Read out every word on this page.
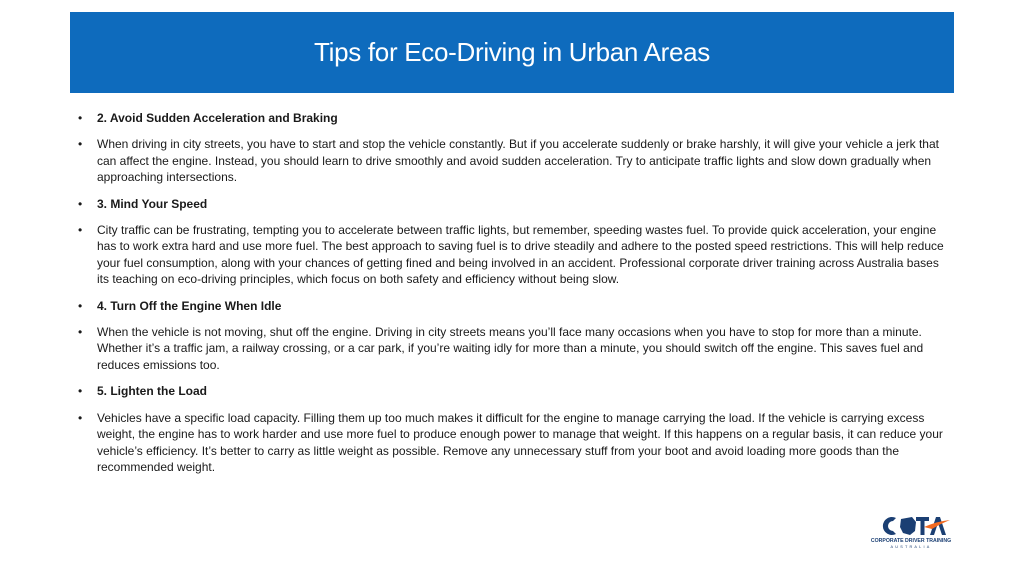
Tips for Eco-Driving in Urban Areas
• 2. Avoid Sudden Acceleration and Braking
• When driving in city streets, you have to start and stop the vehicle constantly. But if you accelerate suddenly or brake harshly, it will give your vehicle a jerk that can affect the engine. Instead, you should learn to drive smoothly and avoid sudden acceleration. Try to anticipate traffic lights and slow down gradually when approaching intersections.
• 3. Mind Your Speed
• City traffic can be frustrating, tempting you to accelerate between traffic lights, but remember, speeding wastes fuel. To provide quick acceleration, your engine has to work extra hard and use more fuel. The best approach to saving fuel is to drive steadily and adhere to the posted speed restrictions. This will help reduce your fuel consumption, along with your chances of getting fined and being involved in an accident. Professional corporate driver training across Australia bases its teaching on eco-driving principles, which focus on both safety and efficiency without being slow.
• 4. Turn Off the Engine When Idle
• When the vehicle is not moving, shut off the engine. Driving in city streets means you’ll face many occasions when you have to stop for more than a minute. Whether it’s a traffic jam, a railway crossing, or a car park, if you’re waiting idly for more than a minute, you should switch off the engine. This saves fuel and reduces emissions too.
• 5. Lighten the Load
• Vehicles have a specific load capacity. Filling them up too much makes it difficult for the engine to manage carrying the load. If the vehicle is carrying excess weight, the engine has to work harder and use more fuel to produce enough power to manage that weight. If this happens on a regular basis, it can reduce your vehicle’s efficiency. It’s better to carry as little weight as possible. Remove any unnecessary stuff from your boot and avoid loading more goods than the recommended weight.
CORPORATE DRIVER TRAINING
AUSTRALIA
